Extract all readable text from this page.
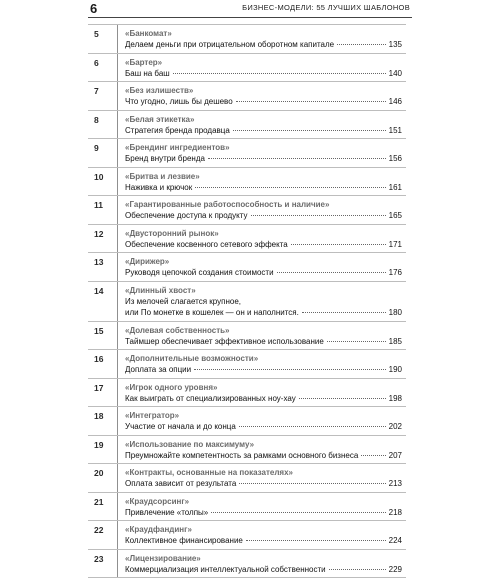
6	БИЗНЕС-МОДЕЛИ: 55 ЛУЧШИХ ШАБЛОНОВ
5	«Банкомат»
Делаем деньги при отрицательном оборотном капитале	135
6	«Бартер»
Баш на баш	140
7	«Без излишеств»
Что угодно, лишь бы дешево	146
8	«Белая этикетка»
Стратегия бренда продавца	151
9	«Брендинг ингредиентов»
Бренд внутри бренда	156
10	«Бритва и лезвие»
Наживка и крючок	161
11	«Гарантированные работоспособность и наличие»
Обеспечение доступа к продукту	165
12	«Двусторонний рынок»
Обеспечение косвенного сетевого эффекта	171
13	«Дирижер»
Руководя цепочкой создания стоимости	176
14	«Длинный хвост»
Из мелочей слагается крупное,
или По монетке в кошелек — он и наполнится.	180
15	«Долевая собственность»
Таймшер обеспечивает эффективное использование	185
16	«Дополнительные возможности»
Доплата за опции	190
17	«Игрок одного уровня»
Как выиграть от специализированных ноу-хау	198
18	«Интегратор»
Участие от начала и до конца	202
19	«Использование по максимуму»
Преумножайте компетентность за рамками основного бизнеса	207
20	«Контракты, основанные на показателях»
Оплата зависит от результата	213
21	«Краудсорсинг»
Привлечение «толпы»	218
22	«Краудфандинг»
Коллективное финансирование	224
23	«Лицензирование»
Коммерциализация интеллектуальной собственности	229
